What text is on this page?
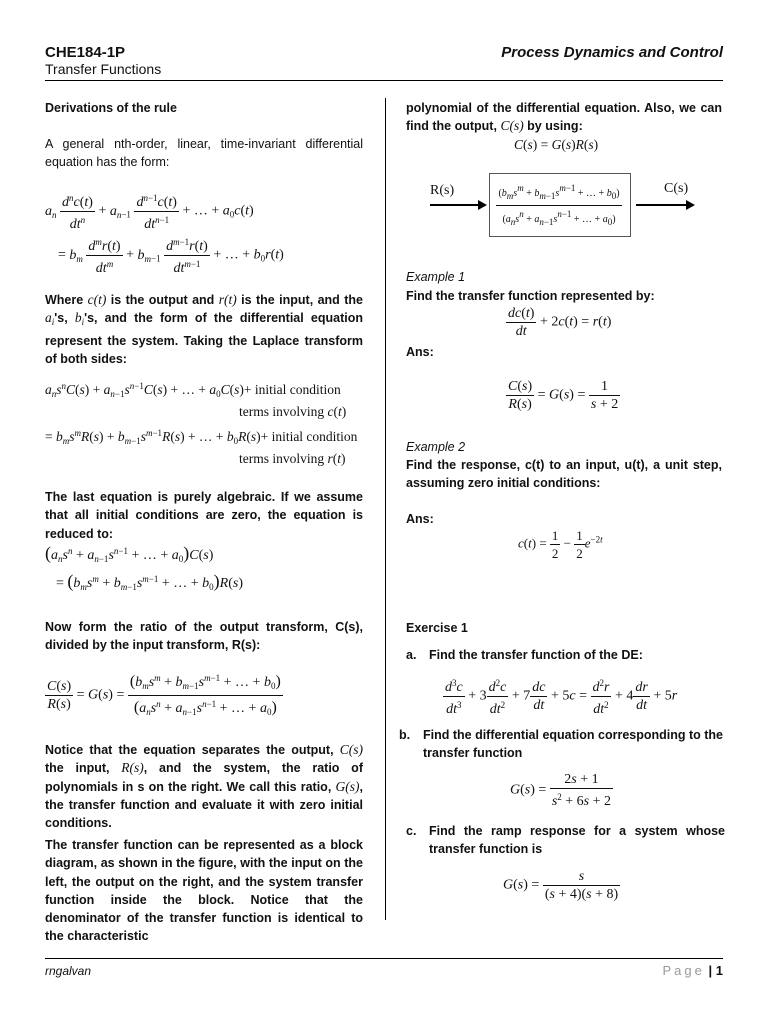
CHE184-1P
Transfer Functions
Process Dynamics and Control
Derivations of the rule
A general nth-order, linear, time-invariant differential equation has the form:
$a_n \frac{d^nc(t)}{dt^n} + a_{n-1} \frac{d^{n-1}c(t)}{dt^{n-1}}$ + … + $a_0c(t)$
= $b_m \frac{d^mr(t)}{dt^m} + b_{m-1} \frac{d^{m-1}r(t)}{dt^{m-1}}$ + … + $b_0r(t)$
Where c(t) is the output and r(t) is the input, and the $a_i's$, $b_i's$, and the form of the differential equation represent the system. Taking the Laplace transform of both sides:
$a_ns^nC(s) + a_{n-1}s^{n-1}C(s)$ + … + $a_0C(s)+$ initial condition
terms involving c(t)
= $b_ms^mR(s) + b_{m-1}s^{m-1}R(s)$ + … + $b_0R(s)+$ initial condition
terms involving r(t)
The last equation is purely algebraic. If we assume that all initial conditions are zero, the equation is reduced to:
($a_ns^n + a_{n-1}s^{n-1}$ + … + $a_0)C(s)$
= ($b_ms^m + b_{m-1}s^{m-1}$ + … + $b_0)R(s)$
Now form the ratio of the output transform, C(s), divided by the input transform, R(s):
$\frac{C(s)}{R(s)} = G(s) = \frac{(b_ms^m + b_{m-1}s^{m-1} + \dots + b_0)}{(a_ns^n + a_{n-1}s^{n-1} + \dots + a_0)}$
Notice that the equation separates the output, C(s) the input, R(s), and the system, the ratio of polynomials in s on the right. We call this ratio, G(s), the transfer function and evaluate it with zero initial conditions.
The transfer function can be represented as a block diagram, as shown in the figure, with the input on the left, the output on the right, and the system transfer function inside the block. Notice that the denominator of the transfer function is identical to the characteristic
polynomial of the differential equation. Also, we can find the output, C(s) by using:
C(s) = G(s)R(s)
R(s)	$\frac{(b_ms^m + b_{m-1}s^{m-1} + \dots + b_0)}{(a_ns^n + a_{n-1}s^{n-1} + \dots + a_0)}$	C(s)
Example 1
Find the transfer function represented by:
$\frac{dc(t)}{dt} + 2c(t) = r(t)$
Ans:
$\frac{C(s)}{R(s)} = G(s) = \frac{1}{s + 2}$
Example 2
Find the response, c(t) to an input, u(t), a unit step, assuming zero initial conditions:
Ans:
$c(t) = \frac{1}{2} - \frac{1}{2} e^{-2t}$
Exercise 1
a. Find the transfer function of the DE:
$\frac{d^3c}{dt^3} + 3 \frac{d^2c}{dt^2} + 7 \frac{dc}{dt} + 5c = \frac{d^2r}{dt^2} + 4 \frac{dr}{dt} + 5r$
b. Find the differential equation corresponding to the transfer function
$G(s) = \frac{2s + 1}{s^2 + 6s + 2}$
c. Find the ramp response for a system whose transfer function is
$G(s) = \frac{s}{(s + 4)(s + 8)}$
rngalvan	Page | 1
